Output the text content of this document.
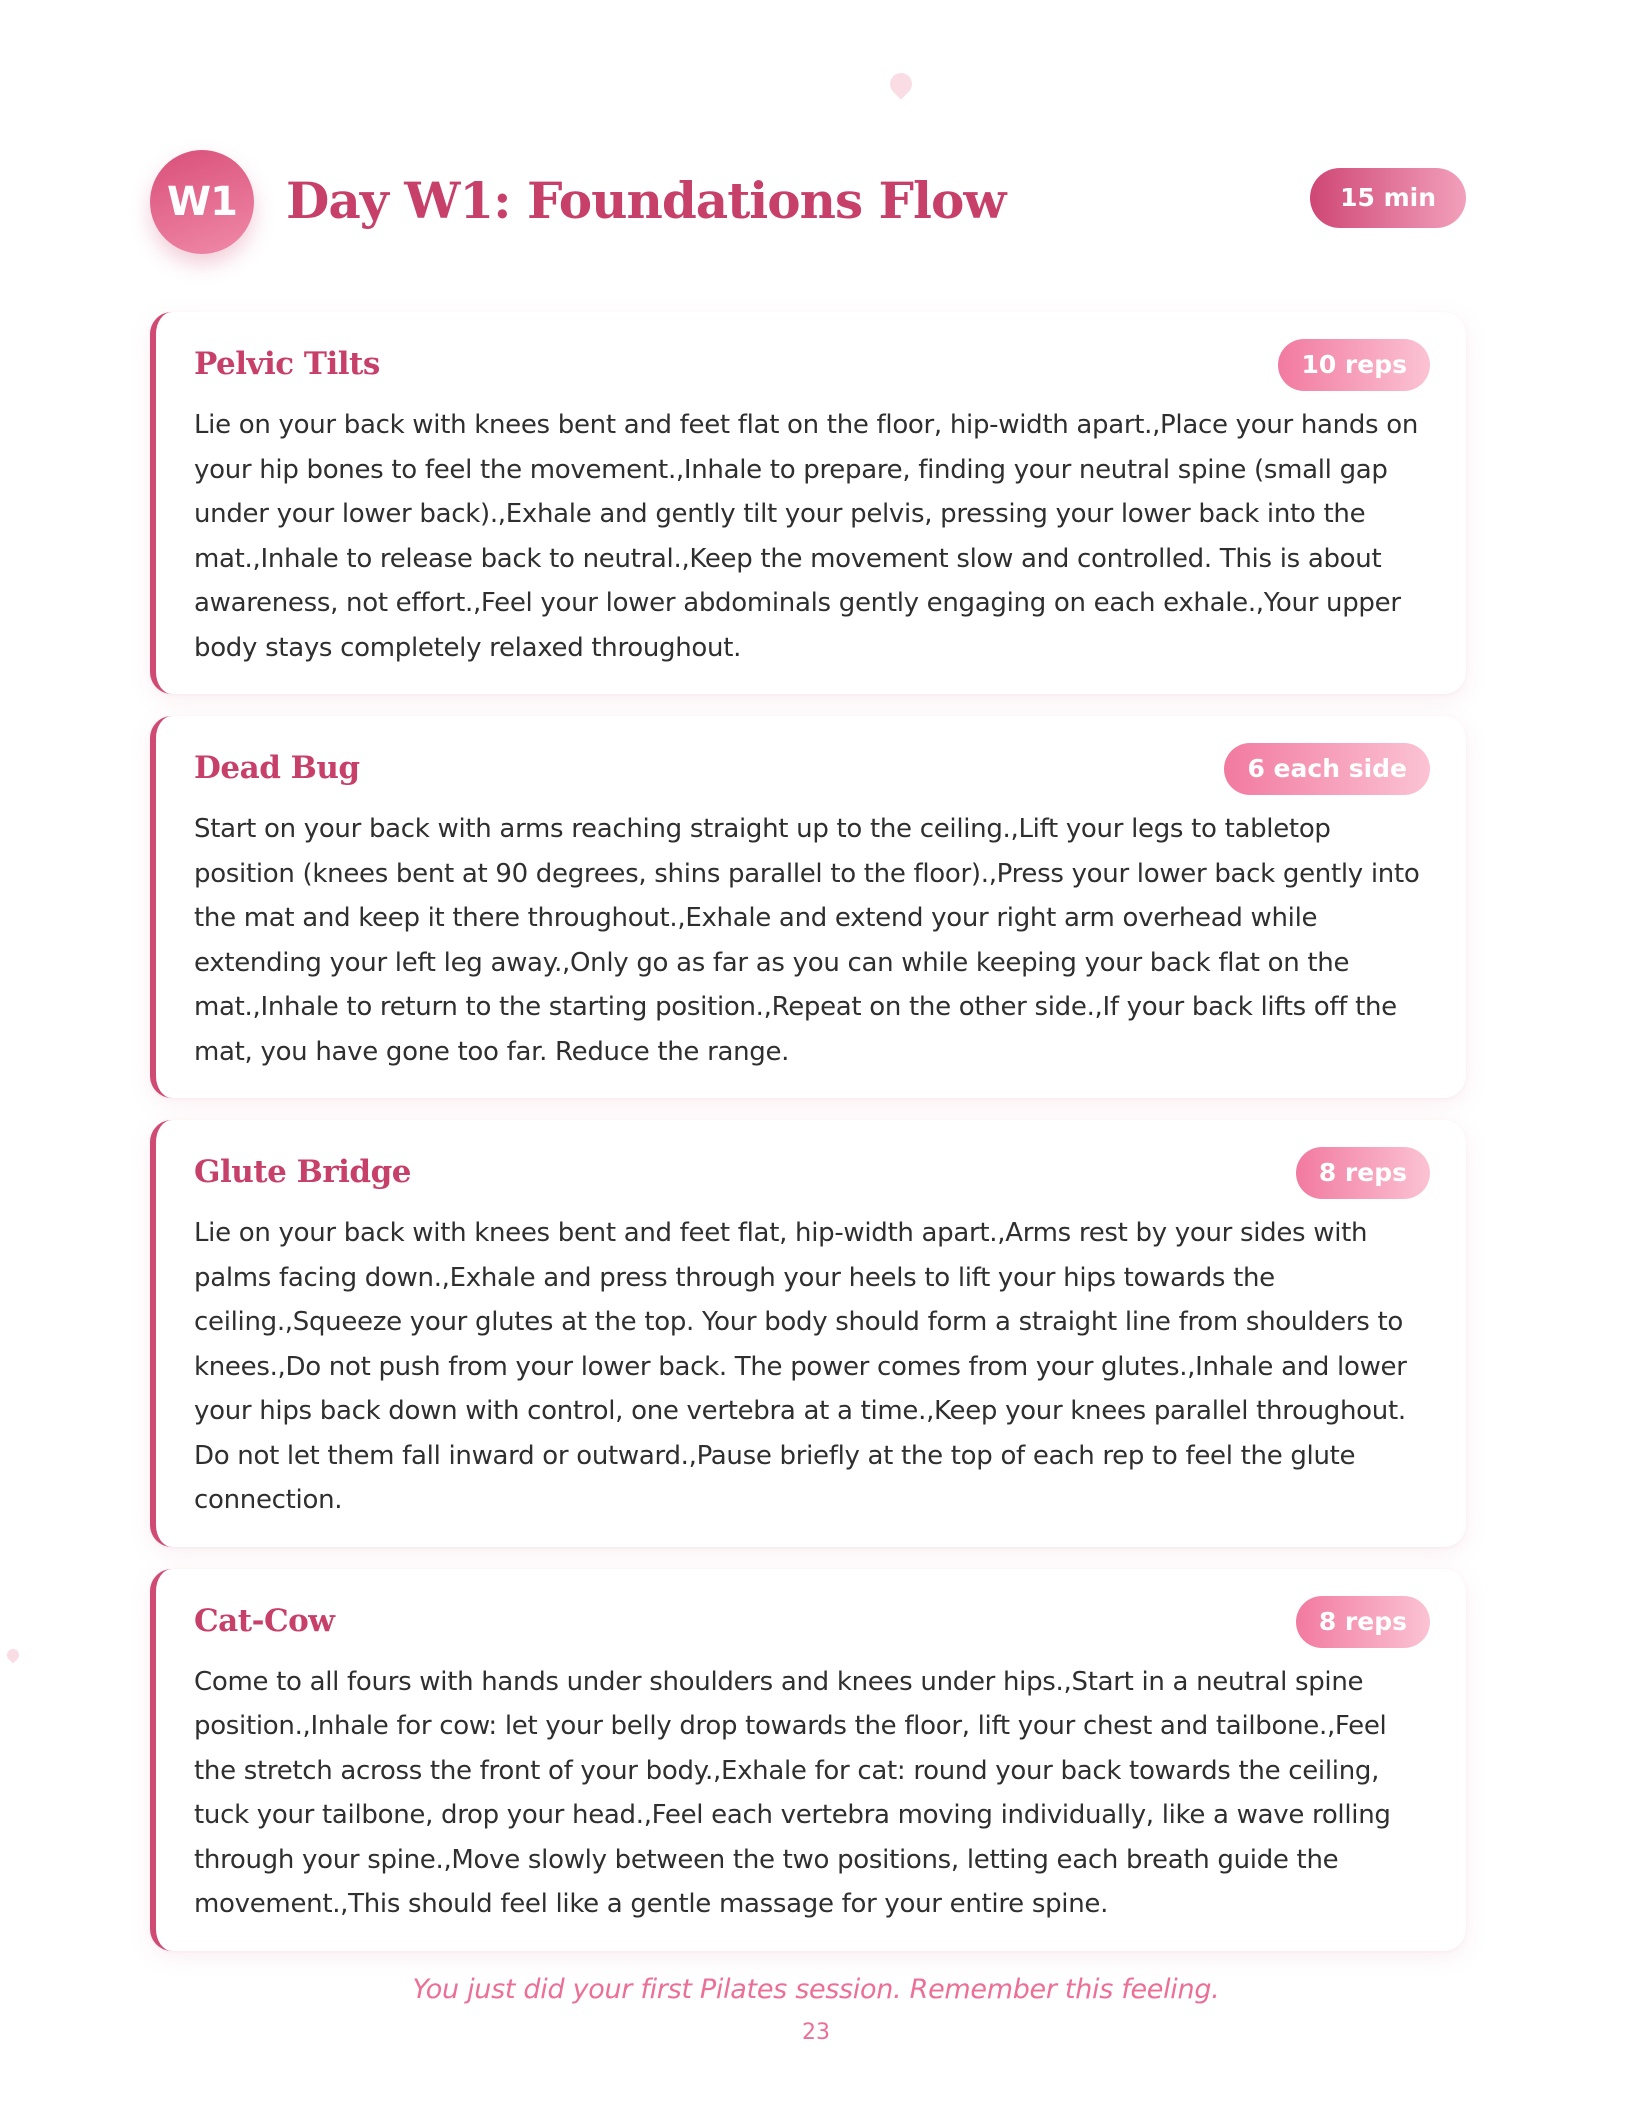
W1 Day W1: Foundations Flow	15 min
Pelvic Tilts	10 reps

Lie on your back with knees bent and feet flat on the floor, hip-width apart.,Place your hands on your hip bones to feel the movement.,Inhale to prepare, finding your neutral spine (small gap under your lower back).,Exhale and gently tilt your pelvis, pressing your lower back into the mat.,Inhale to release back to neutral.,Keep the movement slow and controlled. This is about awareness, not effort.,Feel your lower abdominals gently engaging on each exhale.,Your upper body stays completely relaxed throughout.

Dead Bug	6 each side

Start on your back with arms reaching straight up to the ceiling.,Lift your legs to tabletop position (knees bent at 90 degrees, shins parallel to the floor).,Press your lower back gently into the mat and keep it there throughout.,Exhale and extend your right arm overhead while extending your left leg away.,Only go as far as you can while keeping your back flat on the mat.,Inhale to return to the starting position.,Repeat on the other side.,If your back lifts off the mat, you have gone too far. Reduce the range.

Glute Bridge	8 reps

Lie on your back with knees bent and feet flat, hip-width apart.,Arms rest by your sides with palms facing down.,Exhale and press through your heels to lift your hips towards the ceiling.,Squeeze your glutes at the top. Your body should form a straight line from shoulders to knees.,Do not push from your lower back. The power comes from your glutes.,Inhale and lower your hips back down with control, one vertebra at a time.,Keep your knees parallel throughout. Do not let them fall inward or outward.,Pause briefly at the top of each rep to feel the glute connection.

Cat-Cow	8 reps

Come to all fours with hands under shoulders and knees under hips.,Start in a neutral spine position.,Inhale for cow: let your belly drop towards the floor, lift your chest and tailbone.,Feel the stretch across the front of your body.,Exhale for cat: round your back towards the ceiling, tuck your tailbone, drop your head.,Feel each vertebra moving individually, like a wave rolling through your spine.,Move slowly between the two positions, letting each breath guide the movement.,This should feel like a gentle massage for your entire spine.

You just did your first Pilates session. Remember this feeling.
23
